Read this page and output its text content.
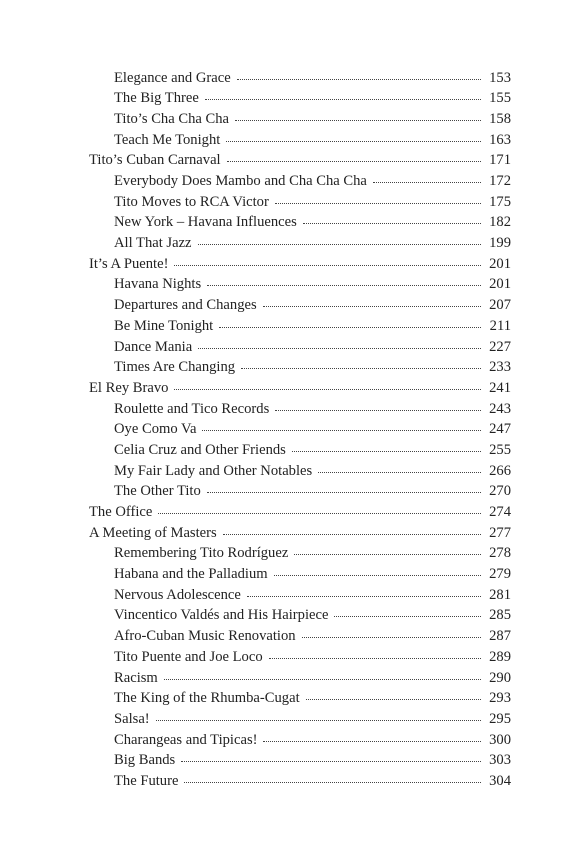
Elegance and Grace	153
The Big Three	155
Tito’s Cha Cha Cha	158
Teach Me Tonight	163
Tito’s Cuban Carnaval	171
Everybody Does Mambo and Cha Cha Cha	172
Tito Moves to RCA Victor	175
New York – Havana Influences	182
All That Jazz	199
It’s A Puente!	201
Havana Nights	201
Departures and Changes	207
Be Mine Tonight	211
Dance Mania	227
Times Are Changing	233
El Rey Bravo	241
Roulette and Tico Records	243
Oye Como Va	247
Celia Cruz and Other Friends	255
My Fair Lady and Other Notables	266
The Other Tito	270
The Office	274
A Meeting of Masters	277
Remembering Tito Rodríguez	278
Habana and the Palladium	279
Nervous Adolescence	281
Vincentico Valdés and His Hairpiece	285
Afro-Cuban Music Renovation	287
Tito Puente and Joe Loco	289
Racism	290
The King of the Rhumba-Cugat	293
Salsa!	295
Charangeas and Tipicas!	300
Big Bands	303
The Future	304
